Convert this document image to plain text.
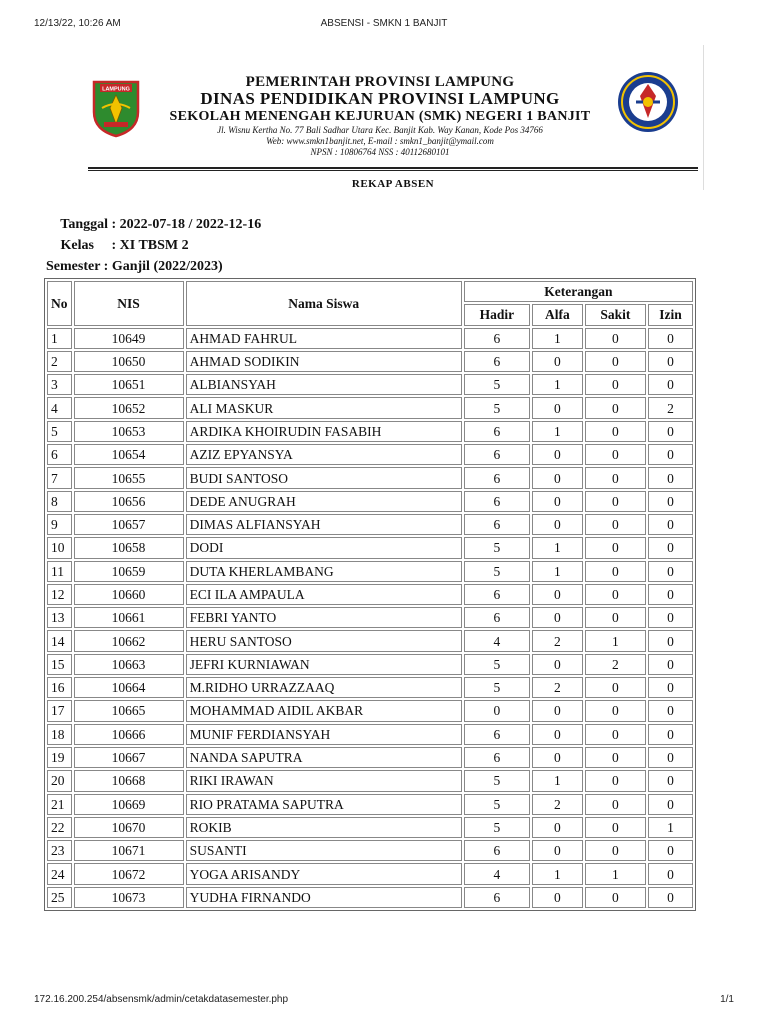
12/13/22, 10:26 AM	ABSENSI - SMKN 1 BANJIT
LAMPUNG	PEMERINTAH PROVINSI LAMPUNG
DINAS PENDIDIKAN PROVINSI LAMPUNG
SEKOLAH MENENGAH KEJURUAN (SMK) NEGERI 1 BANJIT
Jl. Wisnu Kertha No. 77 Bali Sadhar Utara Kec. Banjit Kab. Way Kanan, Kode Pos 34766
Web: www.smkn1banjit.net, E-mail : smkn1_banjit@ymail.com
NPSN : 10806764 NSS : 40112680101
REKAP ABSEN
Tanggal : 2022-07-18 / 2022-12-16
Kelas : XI TBSM 2
Semester : Ganjil (2022/2023)
No	NIS	Nama Siswa	Keterangan			
			Hadir	Alfa	Sakit	Izin
1	10649	AHMAD FAHRUL	6	1	0	0
2	10650	AHMAD SODIKIN	6	0	0	0
3	10651	ALBIANSYAH	5	1	0	0
4	10652	ALI MASKUR	5	0	0	2
5	10653	ARDIKA KHOIRUDIN FASABIH	6	1	0	0
6	10654	AZIZ EPYANSYA	6	0	0	0
7	10655	BUDI SANTOSO	6	0	0	0
8	10656	DEDE ANUGRAH	6	0	0	0
9	10657	DIMAS ALFIANSYAH	6	0	0	0
10	10658	DODI	5	1	0	0
11	10659	DUTA KHERLAMBANG	5	1	0	0
12	10660	ECI ILA AMPAULA	6	0	0	0
13	10661	FEBRI YANTO	6	0	0	0
14	10662	HERU SANTOSO	4	2	1	0
15	10663	JEFRI KURNIAWAN	5	0	2	0
16	10664	M.RIDHO URRAZZAAQ	5	2	0	0
17	10665	MOHAMMAD AIDIL AKBAR	0	0	0	0
18	10666	MUNIF FERDIANSYAH	6	0	0	0
19	10667	NANDA SAPUTRA	6	0	0	0
20	10668	RIKI IRAWAN	5	1	0	0
21	10669	RIO PRATAMA SAPUTRA	5	2	0	0
22	10670	ROKIB	5	0	0	1
23	10671	SUSANTI	6	0	0	0
24	10672	YOGA ARISANDY	4	1	1	0
25	10673	YUDHA FIRNANDO	6	0	0	0
172.16.200.254/absensmk/admin/cetakdatasemester.php	1/1
